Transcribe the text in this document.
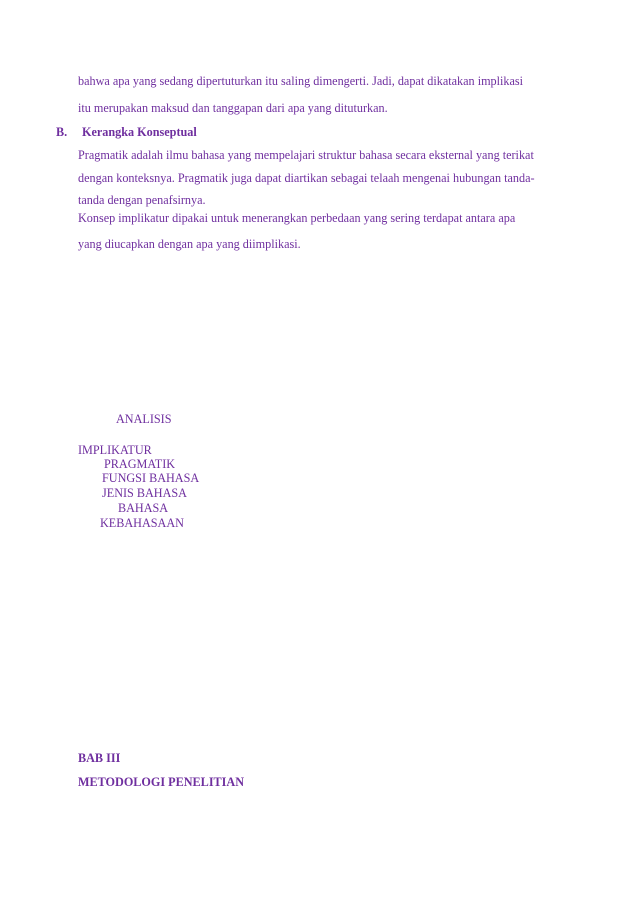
bahwa apa yang sedang dipertuturkan itu saling dimengerti. Jadi, dapat dikatakan implikasi
itu merupakan maksud dan tanggapan dari apa yang dituturkan.
B. Kerangka Konseptual
Pragmatik adalah ilmu bahasa yang mempelajari struktur bahasa secara eksternal yang terikat
dengan konteksnya. Pragmatik juga dapat diartikan sebagai telaah mengenai hubungan tanda-
tanda dengan penafsirnya.
Konsep implikatur dipakai untuk menerangkan perbedaan yang sering terdapat antara apa
yang diucapkan dengan apa yang diimplikasi.
ANALISIS
IMPLIKATUR
PRAGMATIK
FUNGSI BAHASA
JENIS BAHASA
BAHASA
KEBAHASAAN
BAB III
METODOLOGI PENELITIAN
